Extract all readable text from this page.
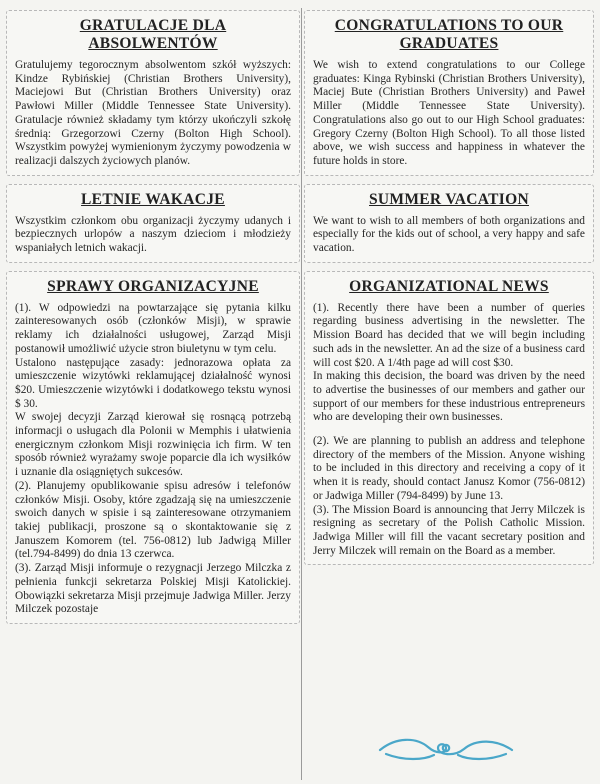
GRATULACJE DLA
ABSOLWENTÓW

Gratulujemy tegorocznym absolwentom szkół wyższych: Kindze Rybińskiej (Christian Brothers University), Maciejowi But (Christian Brothers University) oraz Pawłowi Miller (Middle Tennessee State University). Gratulacje również składamy tym którzy ukończyli szkołę średnią: Grzegorzowi Czerny (Bolton High School). Wszystkim powyżej wymienionym życzymy powodzenia w realizacji dalszych życiowych planów.

LETNIE WAKACJE

Wszystkim członkom obu organizacji życzymy udanych i bezpiecznych urlopów a naszym dzieciom i młodzieży wspaniałych letnich wakacji.

SPRAWY ORGANIZACYJNE

(1). W odpowiedzi na powtarzające się pytania kilku zainteresowanych osób (członków Misji), w sprawie reklamy ich działalności usługowej, Zarząd Misji postanowił umożliwić użycie stron biuletynu w tym celu.

Ustalono następujące zasady: jednorazowa opłata za umieszczenie wizytówki reklamującej działalność wynosi $20. Umieszczenie wizytówki i dodatkowego tekstu wynosi $ 30.

W swojej decyzji Zarząd kierował się rosnącą potrzebą informacji o usługach dla Polonii w Memphis i ułatwienia energicznym członkom Misji rozwinięcia ich firm. W ten sposób również wyrażamy swoje poparcie dla ich wysiłków i uznanie dla osiągniętych sukcesów.

(2). Planujemy opublikowanie spisu adresów i telefonów członków Misji. Osoby, które zgadzają się na umieszczenie swoich danych w spisie i są zainteresowane otrzymaniem takiej publikacji, proszone są o skontaktowanie się z Januszem Komorem (tel. 756-0812) lub Jadwigą Miller (tel.794-8499) do dnia 13 czerwca.

(3). Zarząd Misji informuje o rezygnacji Jerzego Milczka z pełnienia funkcji sekretarza Polskiej Misji Katolickiej. Obowiązki sekretarza Misji przejmuje Jadwiga Miller. Jerzy Milczek pozostaje

CONGRATULATIONS TO OUR
GRADUATES

We wish to extend congratulations to our College graduates: Kinga Rybinski (Christian Brothers University), Maciej Bute (Christian Brothers University) and Paweł Miller (Middle Tennessee State University). Congratulations also go out to our High School graduates: Gregory Czerny (Bolton High School). To all those listed above, we wish success and happiness in whatever the future holds in store.

SUMMER VACATION

We want to wish to all members of both organizations and especially for the kids out of school, a very happy and safe vacation.

ORGANIZATIONAL NEWS

(1). Recently there have been a number of queries regarding business advertising in the newsletter. The Mission Board has decided that we will begin including such ads in the newsletter. An ad the size of a business card will cost $20. A 1/4th page ad will cost $30.

In making this decision, the board was driven by the need to advertise the businesses of our members and gather our support of our members for these industrious entrepreneurs who are developing their own businesses.

(2). We are planning to publish an address and telephone directory of the members of the Mission. Anyone wishing to be included in this directory and receiving a copy of it when it is ready, should contact Janusz Komor (756-0812) or Jadwiga Miller (794-8499) by June 13.

(3). The Mission Board is announcing that Jerry Milczek is resigning as secretary of the Polish Catholic Mission. Jadwiga Miller will fill the vacant secretary position and Jerry Milczek will remain on the Board as a member.
